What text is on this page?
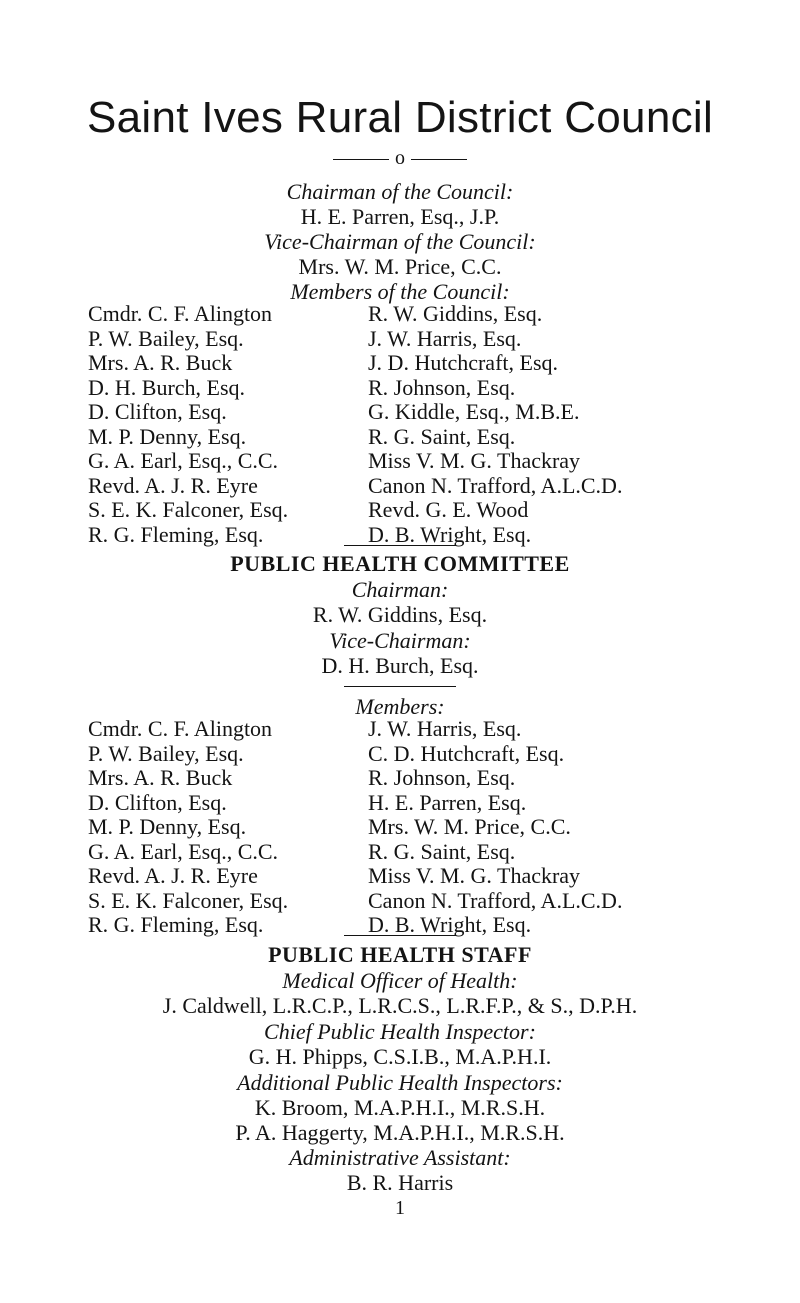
Saint Ives Rural District Council
o
Chairman of the Council:
H. E. Parren, Esq., J.P.
Vice-Chairman of the Council:
Mrs. W. M. Price, C.C.
Members of the Council:
Cmdr. C. F. Alington
P. W. Bailey, Esq.
Mrs. A. R. Buck
D. H. Burch, Esq.
D. Clifton, Esq.
M. P. Denny, Esq.
G. A. Earl, Esq., C.C.
Revd. A. J. R. Eyre
S. E. K. Falconer, Esq.
R. G. Fleming, Esq.
R. W. Giddins, Esq.
J. W. Harris, Esq.
J. D. Hutchcraft, Esq.
R. Johnson, Esq.
G. Kiddle, Esq., M.B.E.
R. G. Saint, Esq.
Miss V. M. G. Thackray
Canon N. Trafford, A.L.C.D.
Revd. G. E. Wood
D. B. Wright, Esq.
PUBLIC HEALTH COMMITTEE
Chairman:
R. W. Giddins, Esq.
Vice-Chairman:
D. H. Burch, Esq.
Members:
Cmdr. C. F. Alington
P. W. Bailey, Esq.
Mrs. A. R. Buck
D. Clifton, Esq.
M. P. Denny, Esq.
G. A. Earl, Esq., C.C.
Revd. A. J. R. Eyre
S. E. K. Falconer, Esq.
R. G. Fleming, Esq.
J. W. Harris, Esq.
C. D. Hutchcraft, Esq.
R. Johnson, Esq.
H. E. Parren, Esq.
Mrs. W. M. Price, C.C.
R. G. Saint, Esq.
Miss V. M. G. Thackray
Canon N. Trafford, A.L.C.D.
D. B. Wright, Esq.
PUBLIC HEALTH STAFF
Medical Officer of Health:
J. Caldwell, L.R.C.P., L.R.C.S., L.R.F.P., & S., D.P.H.
Chief Public Health Inspector:
G. H. Phipps, C.S.I.B., M.A.P.H.I.
Additional Public Health Inspectors:
K. Broom, M.A.P.H.I., M.R.S.H.
P. A. Haggerty, M.A.P.H.I., M.R.S.H.
Administrative Assistant:
B. R. Harris
1
